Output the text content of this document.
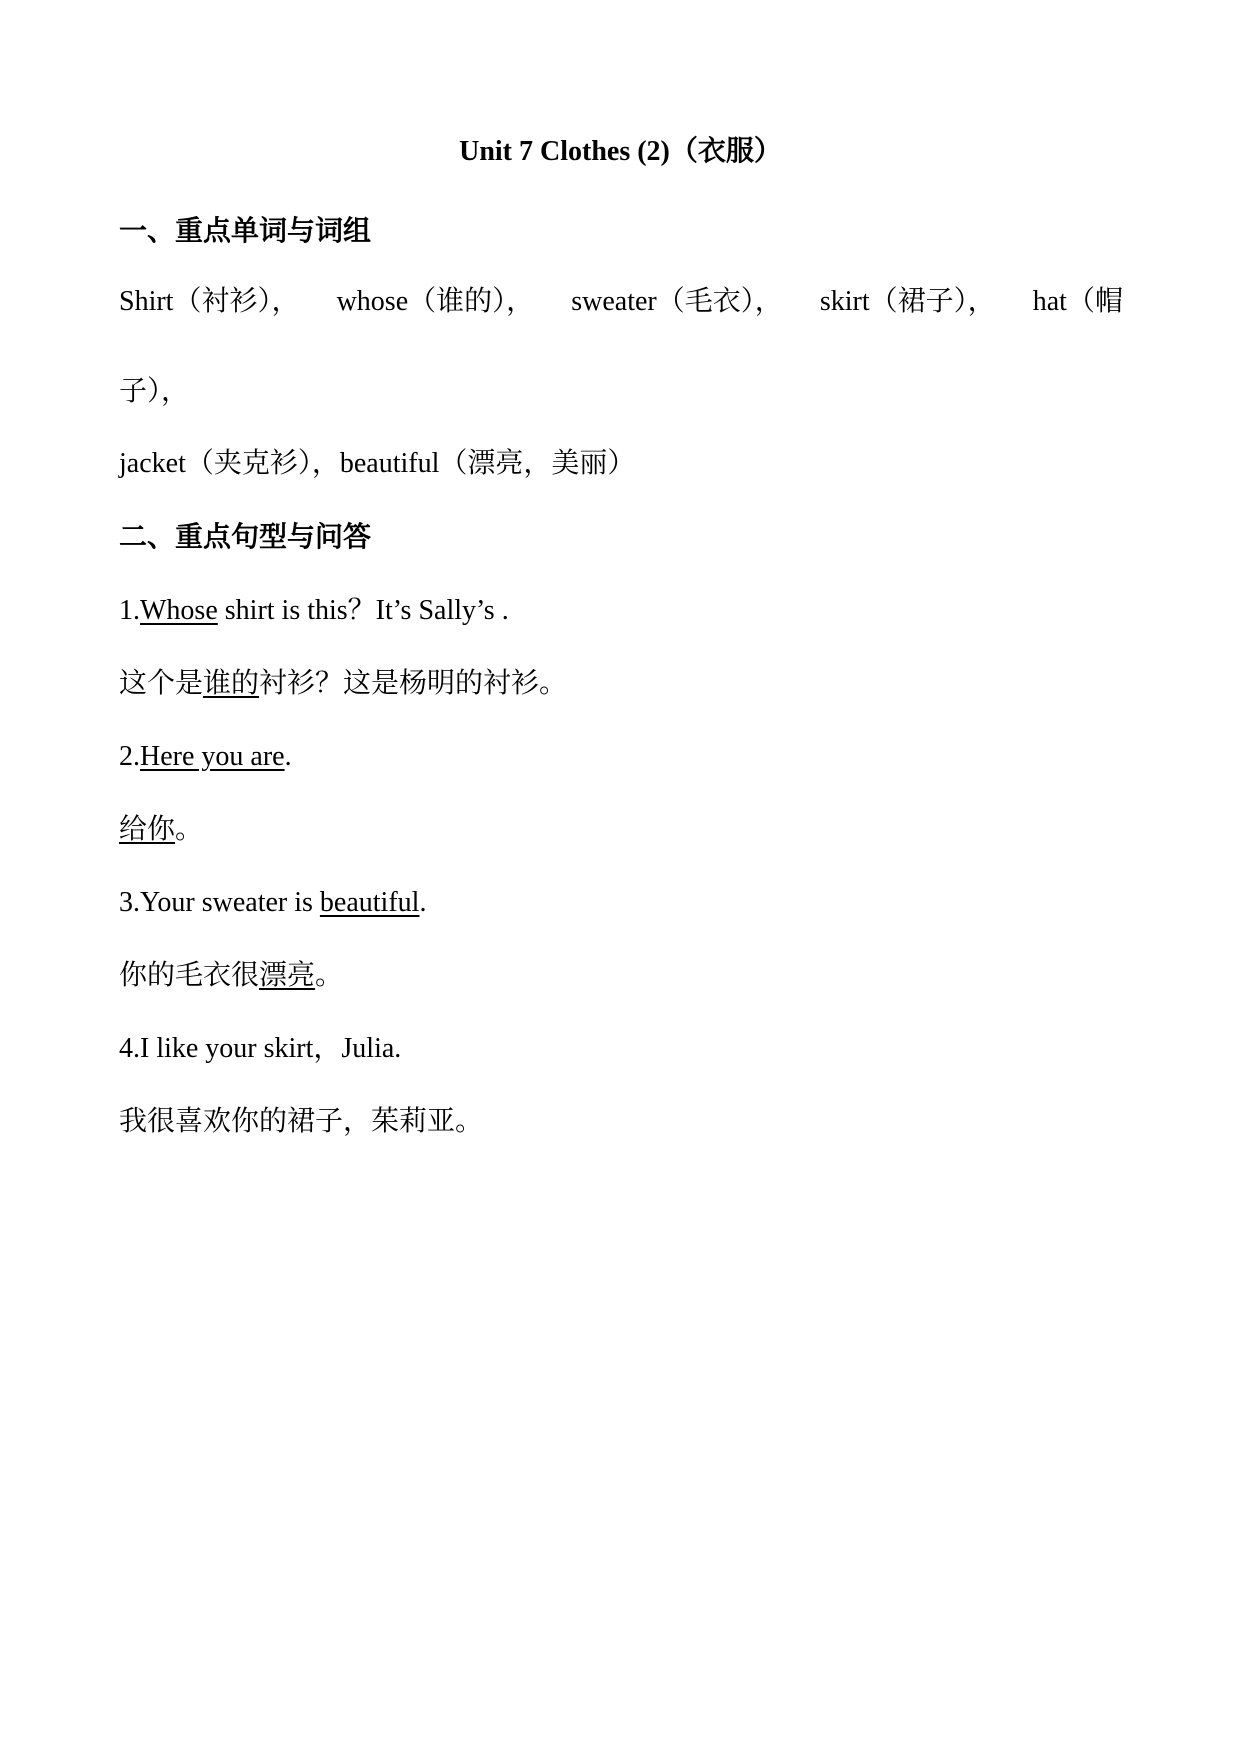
Unit 7 Clothes (2)（衣服）
一、重点单词与词组
Shirt（衬衫）， whose（谁的）， sweater（毛衣）， skirt（裙子）， hat（帽
子），
jacket（夹克衫），beautiful（漂亮，美丽）
二、重点句型与问答
1.Whose shirt is this？It’s Sally’s .
这个是谁的衬衫？这是杨明的衬衫。
2.Here you are.
给你。
3.Your sweater is beautiful.
你的毛衣很漂亮。
4.I like your skirt，Julia.
我很喜欢你的裙子，茱莉亚。
